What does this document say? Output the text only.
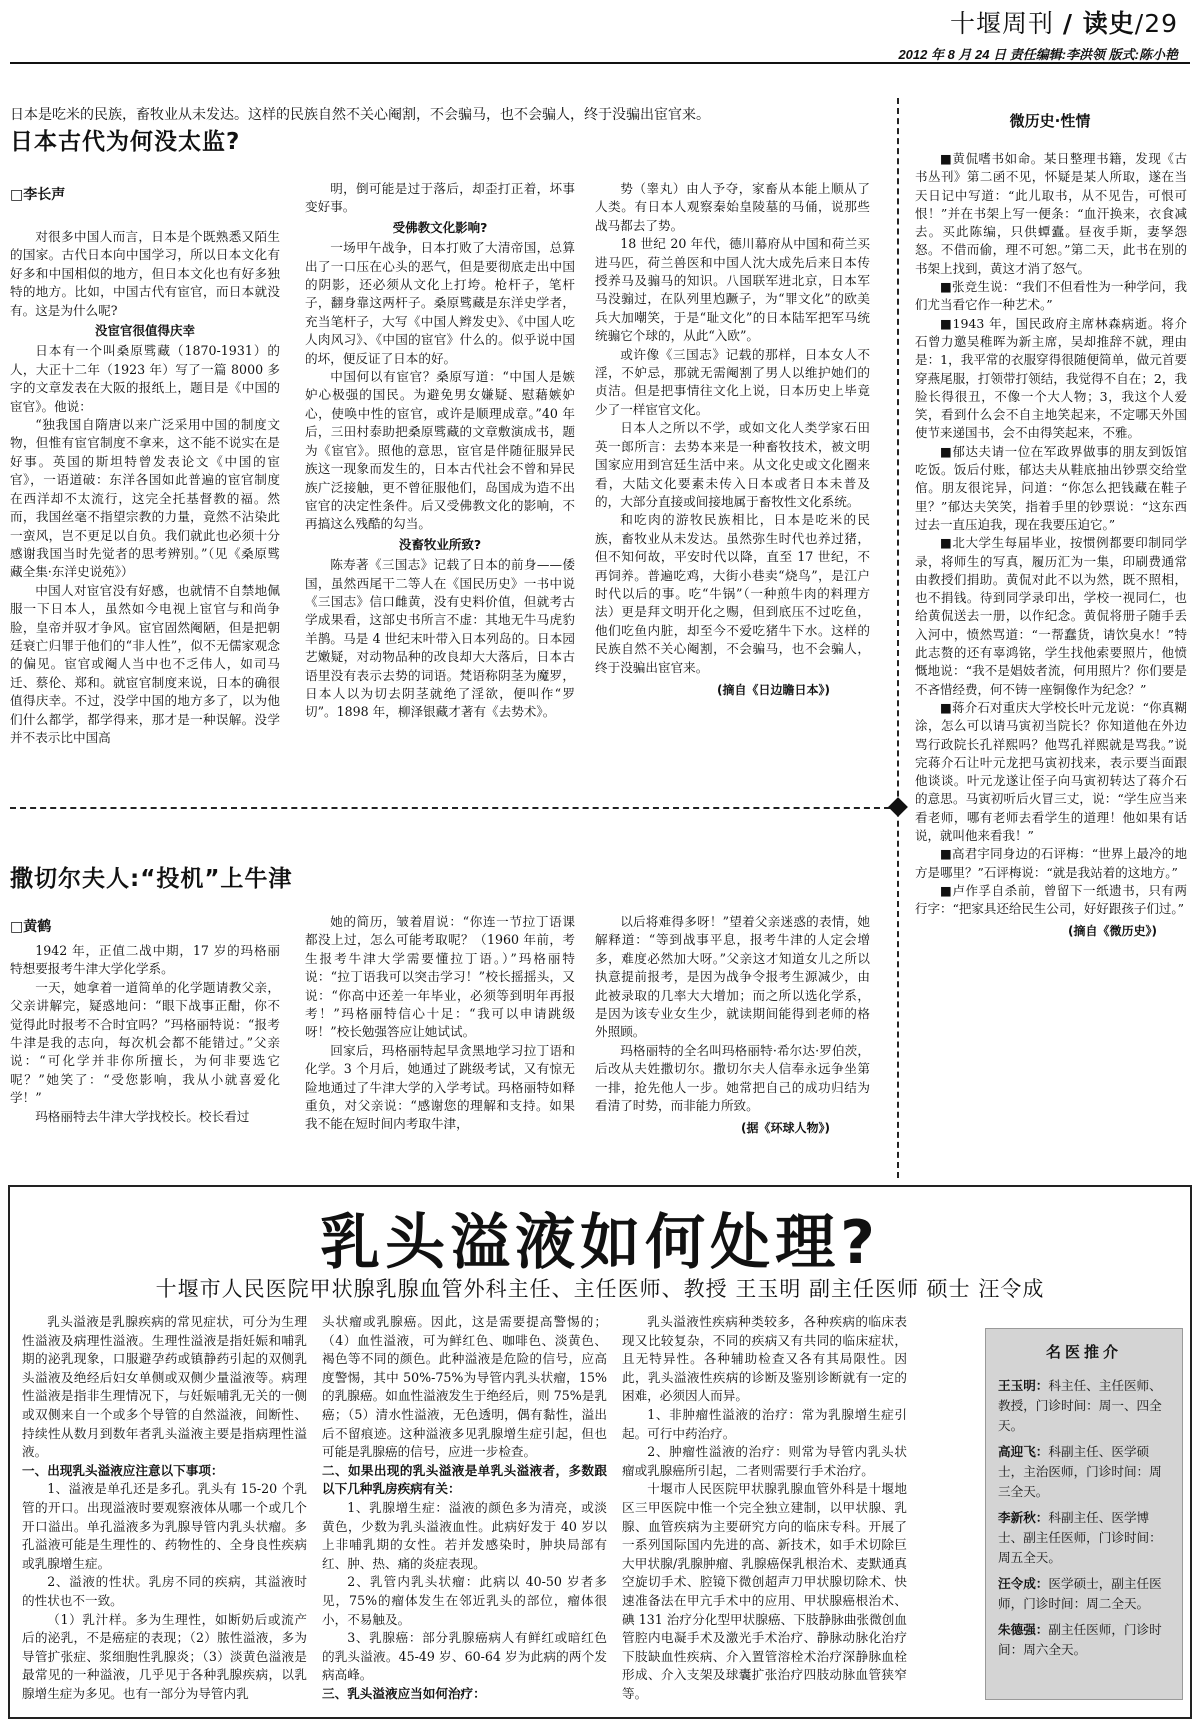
十堰周刊 / 读史/29
2012 年 8 月 24 日 责任编辑:李洪领 版式:陈小艳
日本是吃米的民族，畜牧业从未发达。这样的民族自然不关心阉割，不会骗马，也不会骗人，终于没骗出宦官来。
日本古代为何没太监?
□李长声

对很多中国人而言，日本是个既熟悉又陌生的国家。古代日本向中国学习，所以日本文化有好多和中国相似的地方，但日本文化也有好多独特的地方。比如，中国古代有宦官，而日本就没有。这是为什么呢?

没宦官很值得庆幸

日本有一个叫桑原骘藏（1870-1931）的人，大正十二年（1923 年）写了一篇 8000 多字的文章发表在大阪的报纸上，题目是《中国的宦官》。他说：

“独我国自隋唐以来广泛采用中国的制度文物，但惟有宦官制度不拿来，这不能不说实在是好事。英国的斯坦特曾发表论文《中国的宦官》，一语道破：东洋各国如此普遍的宦官制度在西洋却不太流行，这完全托基督教的福。然而，我国丝毫不指望宗教的力量，竟然不沾染此一蛮风，岂不更足以自负。我们就此也必须十分感谢我国当时先觉者的思考辨别。”（见《桑原骘藏全集·东洋史说苑》）

中国人对宦官没有好感，也就情不自禁地佩服一下日本人，虽然如今电视上宦官与和尚争脸，皇帝并驭才争风。宦官固然阉陋，但是把朝廷衰亡归罪于他们的“非人性”，似不无儒家观念的偏见。宦官或阉人当中也不乏伟人，如司马迁、蔡伦、郑和。就宦官制度来说，日本的确很值得庆幸。不过，没学中国的地方多了，以为他们什么都学，都学得来，那才是一种误解。没学并不表示比中国高

明，倒可能是过于落后，却歪打正着，坏事变好事。

受佛教文化影响?

一场甲午战争，日本打败了大清帝国，总算出了一口压在心头的恶气，但是要彻底走出中国的阴影，还必须从文化上打垮。枪杆子，笔杆子，翻身靠这两杆子。桑原骘藏是东洋史学者，充当笔杆子，大写《中国人辫发史》、《中国人吃人肉风习》、《中国的宦官》什么的。似乎说中国的坏，便反证了日本的好。

中国何以有宦官？桑原写道：“中国人是嫉妒心极强的国民。为避免男女嫌疑、慰藉嫉妒心，使唤中性的宦官，或许是顺理成章。”40 年后，三田村泰助把桑原骘藏的文章敷演成书，题为《宦官》。照他的意思，宦官是伴随征服异民族这一现象而发生的，日本古代社会不曾和异民族广泛接触，更不曾征服他们，岛国成为造不出宦官的决定性条件。后又受佛教文化的影响，不再搞这么残酷的勾当。

没畜牧业所致?

陈寿著《三国志》记载了日本的前身——倭国，虽然西尾干二等人在《国民历史》一书中说《三国志》信口雌黄，没有史料价值，但就考古学成果看，这部史书所言不虚：其地无牛马虎豹羊鹊。马是 4 世纪末叶带入日本列岛的。日本园艺嫩疑，对动物品种的改良却大大落后，日本古语里没有表示去势的词语。梵语称阴茎为魔罗，日本人以为切去阴茎就绝了淫欲，便叫作“罗切”。1898 年，柳泽银藏才著有《去势术》。

势（睾丸）由人予夺，家畜从本能上顺从了人类。有日本人观察秦始皇陵墓的马俑，说那些战马都去了势。

18 世纪 20 年代，德川幕府从中国和荷兰买进马匹，荷兰兽医和中国人沈大成先后来日本传授养马及骟马的知识。八国联军进北京，日本军马没骟过，在队列里尥蹶子，为“罪文化”的欧美兵大加嘲笑，于是“耻文化”的日本陆军把军马统统骟它个球的，从此“入欧”。

或许像《三国志》记载的那样，日本女人不淫，不妒忌，那就无需阉割了男人以维护她们的贞洁。但是把事情往文化上说，日本历史上毕竟少了一样宦官文化。

日本人之所以不学，或如文化人类学家石田英一郎所言：去势本来是一种畜牧技术，被文明国家应用到宫廷生活中来。从文化史或文化圈来看，大陆文化要素未传入日本或者日本未普及的，大部分直接或间接地属于畜牧性文化系统。

和吃肉的游牧民族相比，日本是吃米的民族，畜牧业从未发达。虽然弥生时代也养过猪，但不知何故，平安时代以降，直至 17 世纪，不再饲养。普遍吃鸡，大街小巷卖“烧鸟”，是江户时代以后的事。吃“牛锅”（一种煎牛肉的料理方法）更是拜文明开化之赐，但到底压不过吃鱼，他们吃鱼内脏，却至今不爱吃猪牛下水。这样的民族自然不关心阉割，不会骗马，也不会骗人，终于没骗出宦官来。

(摘自《日边瞻日本》)

撒切尔夫人:“投机”上牛津
□黄鹤

1942 年，正值二战中期，17 岁的玛格丽特想要报考牛津大学化学系。

一天，她拿着一道简单的化学题请教父亲，父亲讲解完，疑惑地问：“眼下战事正酣，你不觉得此时报考不合时宜吗？”玛格丽特说：“报考牛津是我的志向，每次机会都不能错过。”父亲说：“可化学并非你所擅长，为何非要选它呢？”她笑了：“受您影响，我从小就喜爱化学！”

玛格丽特去牛津大学找校长。校长看过

她的简历，皱着眉说：“你连一节拉丁语课都没上过，怎么可能考取呢？（1960 年前，考生报考牛津大学需要懂拉丁语。）”玛格丽特说：“拉丁语我可以突击学习！”校长摇摇头，又说：“你高中还差一年毕业，必须等到明年再报考！”玛格丽特信心十足：“我可以申请跳级呀！”校长勉强答应让她试试。

回家后，玛格丽特起早贪黑地学习拉丁语和化学。3 个月后，她通过了跳级考试，又有惊无险地通过了牛津大学的入学考试。玛格丽特如释重负，对父亲说：“感谢您的理解和支持。如果我不能在短时间内考取牛津，

以后将难得多呀！”望着父亲迷惑的表情，她解释道：“等到战事平息，报考牛津的人定会增多，难度必然加大呀。”父亲这才知道女儿之所以执意提前报考，是因为战争令报考生源减少，由此被录取的几率大大增加；而之所以选化学系，是因为该专业女生少，就读期间能得到老师的格外照顾。

玛格丽特的全名叫玛格丽特·希尔达·罗伯茨，后改从夫姓撒切尔。撒切尔夫人信奉永远争坐第一排，抢先他人一步。她常把自己的成功归结为看清了时势，而非能力所致。

(据《环球人物》)

微历史·性情

■黄侃嗜书如命。某日整理书籍，发现《古书丛刊》第二函不见，怀疑是某人所取，遂在当天日记中写道：“此儿取书，从不见告，可恨可恨！”并在书架上写一便条：“血汗换来，衣食减去。买此陈编，只供蟫蠹。昼夜手斯，妻孥怨怒。不借而偷，理不可恕。”第二天，此书在别的书架上找到，黄这才消了怒气。

■张竞生说：“我们不但看性为一种学问，我们尤当看它作一种艺术。”

■1943 年，国民政府主席林森病逝。将介石曾力邀吴稚晖为新主席，吴却推辞不就，理由是：1，我平常的衣服穿得很随便简单，做元首要穿燕尾服，打领带打领结，我觉得不自在；2，我脸长得很丑，不像一个大人物；3，我这个人爱笑，看到什么会不自主地笑起来，不定哪天外国使节来递国书，会不由得笑起来，不雅。

■郁达夫请一位在军政界做事的朋友到饭馆吃饭。饭后付账，郁达夫从鞋底抽出钞票交给堂倌。朋友很诧异，问道：“你怎么把钱藏在鞋子里？”郁达夫笑笑，指着手里的钞票说：“这东西过去一直压迫我，现在我要压迫它。”

■北大学生每届毕业，按惯例都要印制同学录，将师生的写真，履历汇为一集，印刷费通常由教授们捐助。黄侃对此不以为然，既不照相，也不捐钱。待到同学录印出，学校一视同仁，也给黄侃送去一册，以作纪念。黄侃将册子随手丢入河中，愤然骂道：“一帮蠢货，请饮臭水！”特此志赘的还有辜鸿铭，学生找他索要照片，他愤慨地说：“我不是娼妓者流，何用照片？你们要是不吝惜经费，何不铸一座铜像作为纪念？”

■蒋介石对重庆大学校长叶元龙说：“你真糊涂，怎么可以请马寅初当院长？你知道他在外边骂行政院长孔祥熙吗？他骂孔祥熙就是骂我。”说完蒋介石让叶元龙把马寅初找来，表示要当面跟他谈谈。叶元龙遂让侄子向马寅初转达了蒋介石的意思。马寅初听后火冒三丈，说：“学生应当来看老师，哪有老师去看学生的道理！他如果有话说，就叫他来看我！”

■高君宇同身边的石评梅：“世界上最冷的地方是哪里？”石评梅说：“就是我站着的这地方。”

■卢作孚自杀前，曾留下一纸遗书，只有两行字：“把家具还给民生公司，好好跟孩子们过。”

(摘自《微历史》)

乳头溢液如何处理?
十堰市人民医院甲状腺乳腺血管外科主任、主任医师、教授 王玉明 副主任医师 硕士 汪令成

乳头溢液是乳腺疾病的常见症状，可分为生理性溢液及病理性溢液。生理性溢液是指妊娠和哺乳期的泌乳现象，口服避孕药或镇静药引起的双侧乳头溢液及绝经后妇女单侧或双侧少量溢液等。病理性溢液是指非生理情况下，与妊娠哺乳无关的一侧或双侧来自一个或多个导管的自然溢液，间断性、持续性从数月到数年者乳头溢液主要是指病理性溢液。

一、出现乳头溢液应注意以下事项：

1、溢液是单孔还是多孔。乳头有 15-20 个乳管的开口。出现溢液时要观察液体从哪一个或几个开口溢出。单孔溢液多为乳腺导管内乳头状瘤。多孔溢液可能是生理性的、药物性的、全身良性疾病或乳腺增生症。

2、溢液的性状。乳房不同的疾病，其溢液时的性状也不一致。

（1）乳汁样。多为生理性，如断奶后或流产后的泌乳，不是癌症的表现；（2）脓性溢液，多为导管扩张症、浆细胞性乳腺炎；（3）淡黄色溢液是最常见的一种溢液，几乎见于各种乳腺疾病，以乳腺增生症为多见。也有一部分为导管内乳

头状瘤或乳腺癌。因此，这是需要提高警惕的；（4）血性溢液，可为鲜红色、咖啡色、淡黄色、褐色等不同的颜色。此种溢液是危险的信号，应高度警惕，其中 50%-75%为导管内乳头状瘤，15%的乳腺癌。如血性溢液发生于绝经后，则 75%是乳癌；（5）清水性溢液，无色透明，偶有黏性，溢出后不留痕迹。这种溢液多见乳腺增生症引起，但也可能是乳腺癌的信号，应进一步检查。

二、如果出现的乳头溢液是单乳头溢液者，多数跟以下几种乳房疾病有关：

1、乳腺增生症：溢液的颜色多为清亮，或淡黄色，少数为乳头溢液血性。此病好发于 40 岁以上非哺乳期的女性。若并发感染时，肿块局部有红、肿、热、痛的炎症表现。

2、乳管内乳头状瘤：此病以 40-50 岁者多见，75%的瘤体发生在邻近乳头的部位，瘤体很小，不易触及。

3、乳腺癌：部分乳腺癌病人有鲜红或暗红色的乳头溢液。45-49 岁、60-64 岁为此病的两个发病高峰。

三、乳头溢液应当如何治疗：

乳头溢液性疾病种类较多，各种疾病的临床表现又比较复杂，不同的疾病又有共同的临床症状，且无特异性。各种辅助检查又各有其局限性。因此，乳头溢液性疾病的诊断及鉴别诊断就有一定的困难，必须因人而异。

1、非肿瘤性溢液的治疗：常为乳腺增生症引起。可行中药治疗。

2、肿瘤性溢液的治疗：则常为导管内乳头状瘤或乳腺癌所引起，二者则需要行手术治疗。

十堰市人民医院甲状腺乳腺血管外科是十堰地区三甲医院中惟一个完全独立建制，以甲状腺、乳腺、血管疾病为主要研究方向的临床专科。开展了一系列国际国内先进的高、新技术，如手术切除巨大甲状腺/乳腺肿瘤、乳腺癌保乳根治术、麦默通真空旋切手术、腔镜下微创超声刀甲状腺切除术、快速准备法在甲亢手术中的应用、甲状腺癌根治术、碘 131 治疗分化型甲状腺癌、下肢静脉曲张微创血管腔内电凝手术及激光手术治疗、静脉动脉化治疗下肢缺血性疾病、介入置管溶栓术治疗深静脉血栓形成、介入支架及球囊扩张治疗四肢动脉血管狭窄等。

名医推介
王玉明：科主任、主任医师、教授，门诊时间：周一、四全天。
高迎飞：科副主任、医学硕士，主治医师，门诊时间：周三全天。
李新秋：科副主任、医学博士、副主任医师，门诊时间：周五全天。
汪令成：医学硕士，副主任医师，门诊时间：周二全天。
朱德强：副主任医师，门诊时间：周六全天。
